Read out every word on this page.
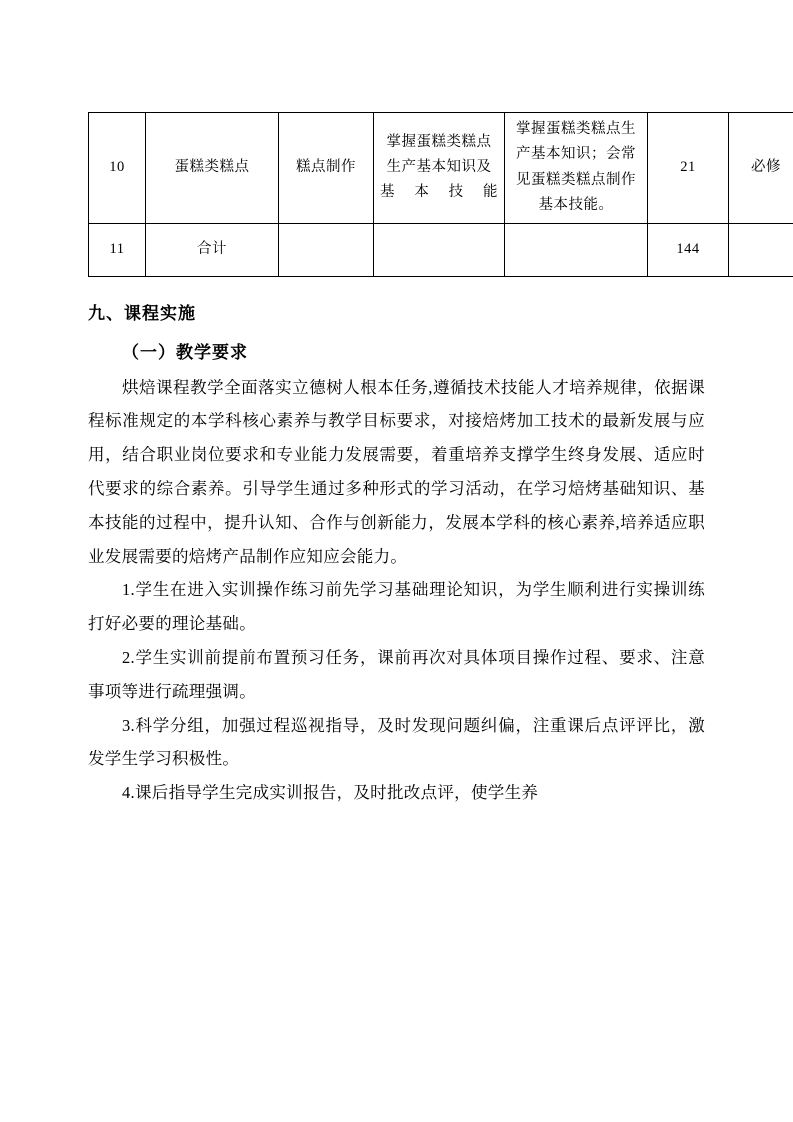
10	蛋糕类糕点	糕点制作	掌握蛋糕类糕点生产基本知识及基本技能	掌握蛋糕类糕点生产基本知识；会常见蛋糕类糕点制作基本技能。	21	必修
11	合计				144	
九、课程实施
（一）教学要求

烘焙课程教学全面落实立德树人根本任务,遵循技术技能人才培养规律，依据课程标准规定的本学科核心素养与教学目标要求，对接焙烤加工技术的最新发展与应用，结合职业岗位要求和专业能力发展需要，着重培养支撑学生终身发展、适应时代要求的综合素养。引导学生通过多种形式的学习活动，在学习焙烤基础知识、基本技能的过程中，提升认知、合作与创新能力，发展本学科的核心素养,培养适应职业发展需要的焙烤产品制作应知应会能力。

1.学生在进入实训操作练习前先学习基础理论知识，为学生顺利进行实操训练打好必要的理论基础。

2.学生实训前提前布置预习任务，课前再次对具体项目操作过程、要求、注意事项等进行疏理强调。

3.科学分组，加强过程巡视指导，及时发现问题纠偏，注重课后点评评比，激发学生学习积极性。

4.课后指导学生完成实训报告，及时批改点评，使学生养
